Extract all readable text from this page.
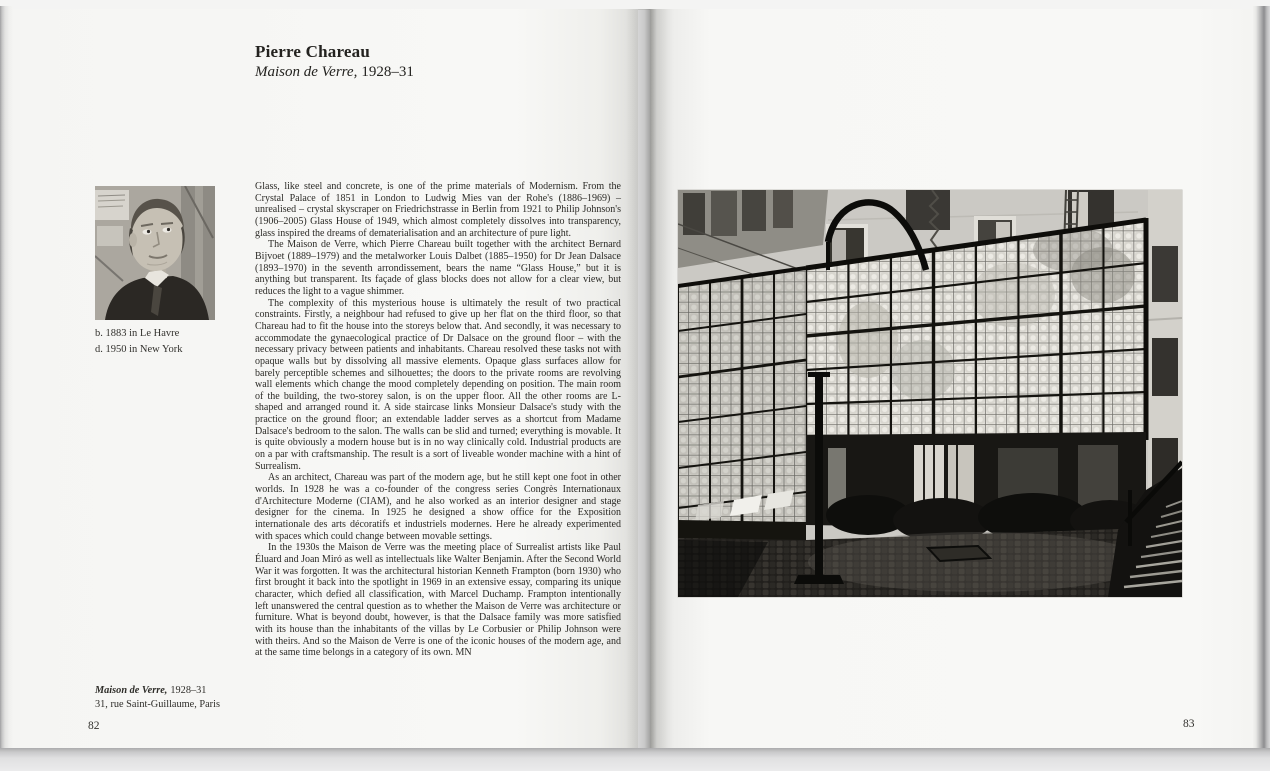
Pierre Chareau
Maison de Verre, 1928–31
b. 1883 in Le Havre
d. 1950 in New York

Glass, like steel and concrete, is one of the prime materials of Modernism. From the Crystal Palace of 1851 in London to Ludwig Mies van der Rohe's (1886–1969) – unrealised – crystal skyscraper on Friedrichstrasse in Berlin from 1921 to Philip Johnson's (1906–2005) Glass House of 1949, which almost completely dissolves into transparency, glass inspired the dreams of dematerialisation and an architecture of pure light.

The Maison de Verre, which Pierre Chareau built together with the architect Bernard Bijvoet (1889–1979) and the metalworker Louis Dalbet (1885–1950) for Dr Jean Dalsace (1893–1970) in the seventh arrondissement, bears the name “Glass House,” but it is anything but transparent. Its façade of glass blocks does not allow for a clear view, but reduces the light to a vague shimmer.

The complexity of this mysterious house is ultimately the result of two practical constraints. Firstly, a neighbour had refused to give up her flat on the third floor, so that Chareau had to fit the house into the storeys below that. And secondly, it was necessary to accommodate the gynaecological practice of Dr Dalsace on the ground floor – with the necessary privacy between patients and inhabitants. Chareau resolved these tasks not with opaque walls but by dissolving all massive elements. Opaque glass surfaces allow for barely perceptible schemes and silhouettes; the doors to the private rooms are revolving wall elements which change the mood completely depending on position. The main room of the building, the two-storey salon, is on the upper floor. All the other rooms are L-shaped and arranged round it. A side staircase links Monsieur Dalsace's study with the practice on the ground floor; an extendable ladder serves as a shortcut from Madame Dalsace's bedroom to the salon. The walls can be slid and turned; everything is movable. It is quite obviously a modern house but is in no way clinically cold. Industrial products are on a par with craftsmanship. The result is a sort of liveable wonder machine with a hint of Surrealism.

As an architect, Chareau was part of the modern age, but he still kept one foot in other worlds. In 1928 he was a co-founder of the congress series Congrès Internationaux d'Architecture Moderne (CIAM), and he also worked as an interior designer and stage designer for the cinema. In 1925 he designed a show office for the Exposition internationale des arts décoratifs et industriels modernes. Here he already experimented with spaces which could change between movable settings.

In the 1930s the Maison de Verre was the meeting place of Surrealist artists like Paul Éluard and Joan Miró as well as intellectuals like Walter Benjamin. After the Second World War it was forgotten. It was the architectural historian Kenneth Frampton (born 1930) who first brought it back into the spotlight in 1969 in an extensive essay, comparing its unique character, which defied all classification, with Marcel Duchamp. Frampton intentionally left unanswered the central question as to whether the Maison de Verre was architecture or furniture. What is beyond doubt, however, is that the Dalsace family was more satisfied with its house than the inhabitants of the villas by Le Corbusier or Philip Johnson were with theirs. And so the Maison de Verre is one of the iconic houses of the modern age, and at the same time belongs in a category of its own. MN

Maison de Verre, 1928–31
31, rue Saint-Guillaume, Paris
82	83
